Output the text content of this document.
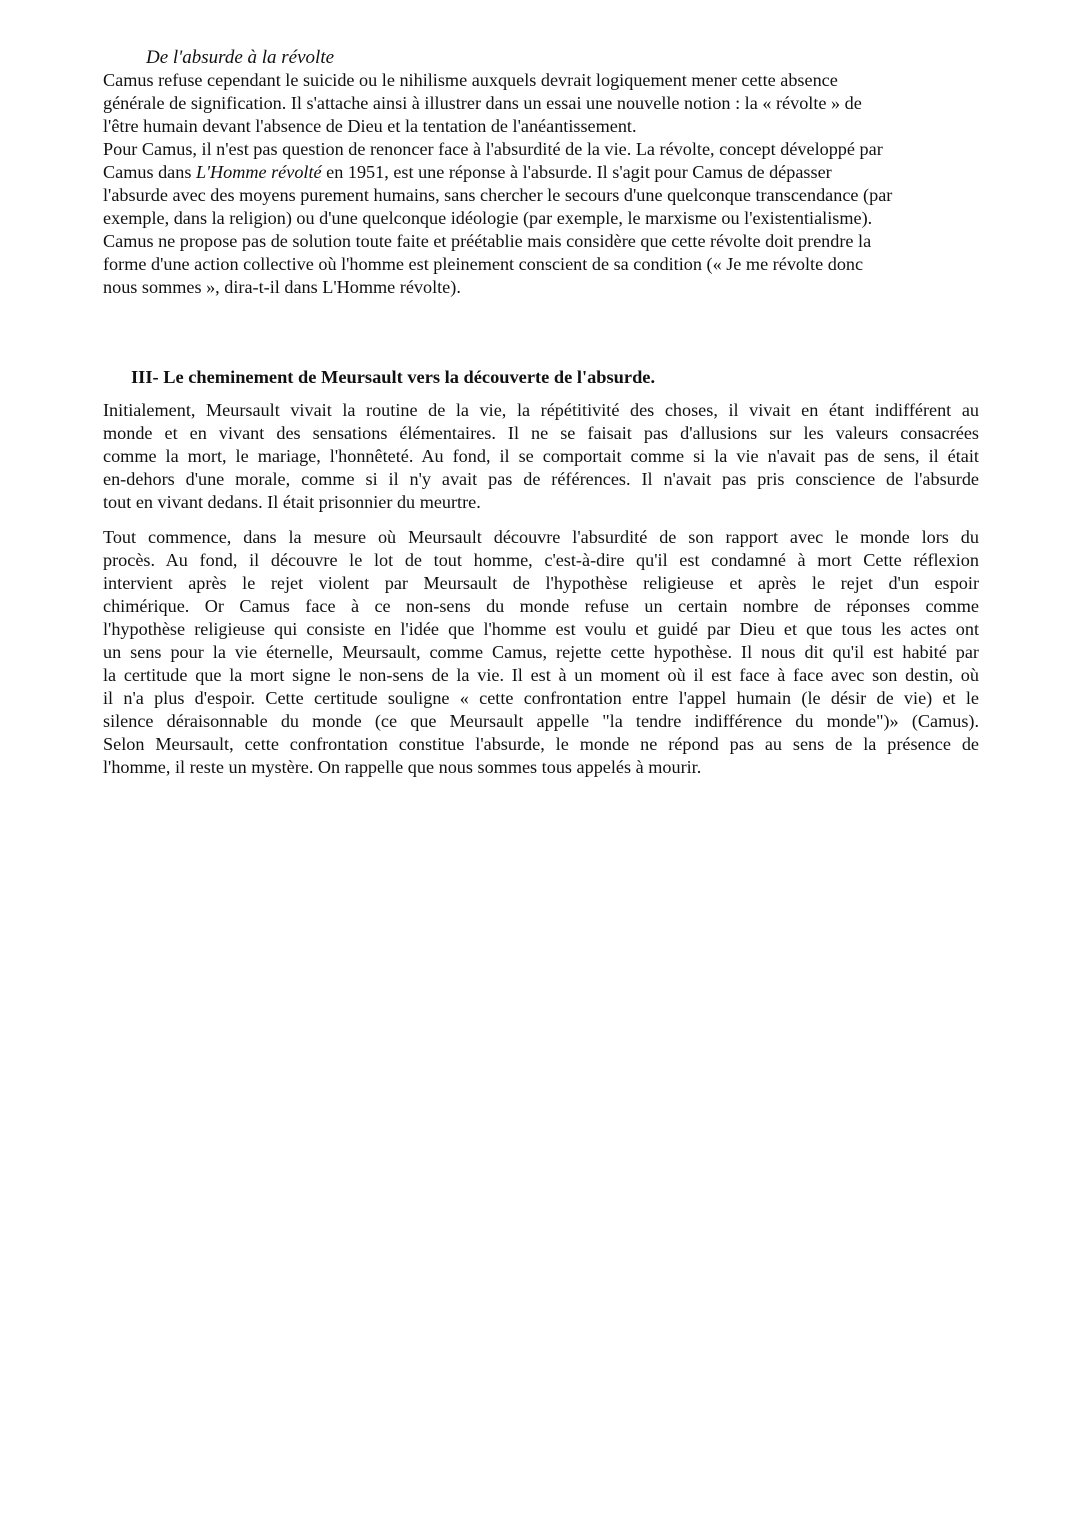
De l'absurde à la révolte

Camus refuse cependant le suicide ou le nihilisme auxquels devrait logiquement mener cette absence
générale de signification. Il s'attache ainsi à illustrer dans un essai une nouvelle notion : la « révolte » de
l'être humain devant l'absence de Dieu et la tentation de l'anéantissement.
Pour Camus, il n'est pas question de renoncer face à l'absurdité de la vie. La révolte, concept développé par
Camus dans L'Homme révolté en 1951, est une réponse à l'absurde. Il s'agit pour Camus de dépasser
l'absurde avec des moyens purement humains, sans chercher le secours d'une quelconque transcendance (par
exemple, dans la religion) ou d'une quelconque idéologie (par exemple, le marxisme ou l'existentialisme).
Camus ne propose pas de solution toute faite et préétablie mais considère que cette révolte doit prendre la
forme d'une action collective où l'homme est pleinement conscient de sa condition (« Je me révolte donc
nous sommes », dira-t-il dans L'Homme révolte).
III- Le cheminement de Meursault vers la découverte de l'absurde.
Initialement, Meursault vivait la routine de la vie, la répétitivité des choses, il vivait en étant indifférent au
monde et en vivant des sensations élémentaires. Il ne se faisait pas d'allusions sur les valeurs consacrées
comme la mort, le mariage, l'honnêteté. Au fond, il se comportait comme si la vie n'avait pas de sens, il était
en-dehors d'une morale, comme si il n'y avait pas de références. Il n'avait pas pris conscience de l'absurde
tout en vivant dedans. Il était prisonnier du meurtre.
Tout commence, dans la mesure où Meursault découvre l'absurdité de son rapport avec le monde lors du
procès. Au fond, il découvre le lot de tout homme, c'est-à-dire qu'il est condamné à mort Cette réflexion
intervient après le rejet violent par Meursault de l'hypothèse religieuse et après le rejet d'un espoir
chimérique. Or Camus face à ce non-sens du monde refuse un certain nombre de réponses comme
l'hypothèse religieuse qui consiste en l'idée que l'homme est voulu et guidé par Dieu et que tous les actes ont
un sens pour la vie éternelle, Meursault, comme Camus, rejette cette hypothèse. Il nous dit qu'il est habité par
la certitude que la mort signe le non-sens de la vie. Il est à un moment où il est face à face avec son destin, où
il n'a plus d'espoir. Cette certitude souligne « cette confrontation entre l'appel humain (le désir de vie) et le
silence déraisonnable du monde (ce que Meursault appelle "la tendre indifférence du monde")» (Camus).
Selon Meursault, cette confrontation constitue l'absurde, le monde ne répond pas au sens de la présence de
l'homme, il reste un mystère. On rappelle que nous sommes tous appelés à mourir.
